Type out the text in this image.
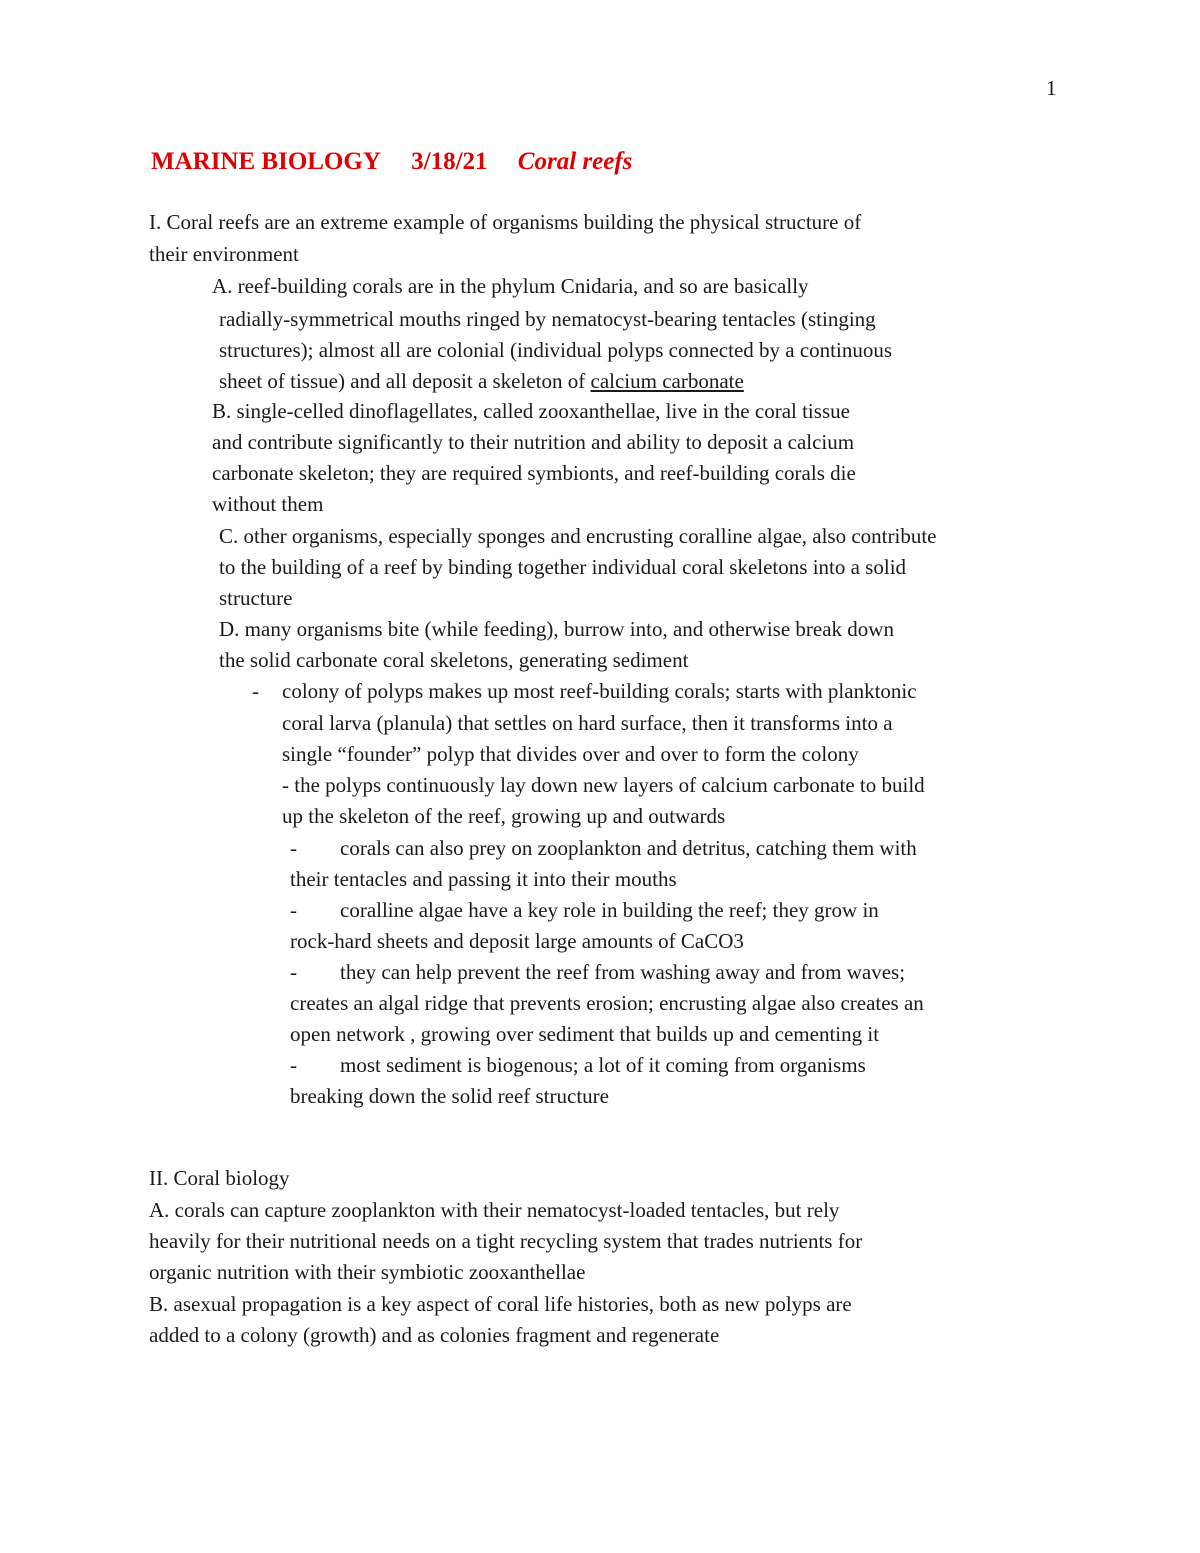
1
MARINE BIOLOGY 3/18/21 Coral reefs
I. Coral reefs are an extreme example of organisms building the physical structure of
their environment
A. reef-building corals are in the phylum Cnidaria, and so are basically
radially-symmetrical mouths ringed by nematocyst-bearing tentacles (stinging
structures); almost all are colonial (individual polyps connected by a continuous
sheet of tissue) and all deposit a skeleton of calcium carbonate
B. single-celled dinoflagellates, called zooxanthellae, live in the coral tissue
and contribute significantly to their nutrition and ability to deposit a calcium
carbonate skeleton; they are required symbionts, and reef-building corals die
without them
C. other organisms, especially sponges and encrusting coralline algae, also contribute
to the building of a reef by binding together individual coral skeletons into a solid
structure
D. many organisms bite (while feeding), burrow into, and otherwise break down
the solid carbonate coral skeletons, generating sediment
- colony of polyps makes up most reef-building corals; starts with planktonic
coral larva (planula) that settles on hard surface, then it transforms into a
single “founder” polyp that divides over and over to form the colony
- the polyps continuously lay down new layers of calcium carbonate to build
up the skeleton of the reef, growing up and outwards
- corals can also prey on zooplankton and detritus, catching them with
their tentacles and passing it into their mouths
- coralline algae have a key role in building the reef; they grow in
rock-hard sheets and deposit large amounts of CaCO3
- they can help prevent the reef from washing away and from waves;
creates an algal ridge that prevents erosion; encrusting algae also creates an
open network , growing over sediment that builds up and cementing it
- most sediment is biogenous; a lot of it coming from organisms
breaking down the solid reef structure
II. Coral biology
A. corals can capture zooplankton with their nematocyst-loaded tentacles, but rely
heavily for their nutritional needs on a tight recycling system that trades nutrients for
organic nutrition with their symbiotic zooxanthellae
B. asexual propagation is a key aspect of coral life histories, both as new polyps are
added to a colony (growth) and as colonies fragment and regenerate
